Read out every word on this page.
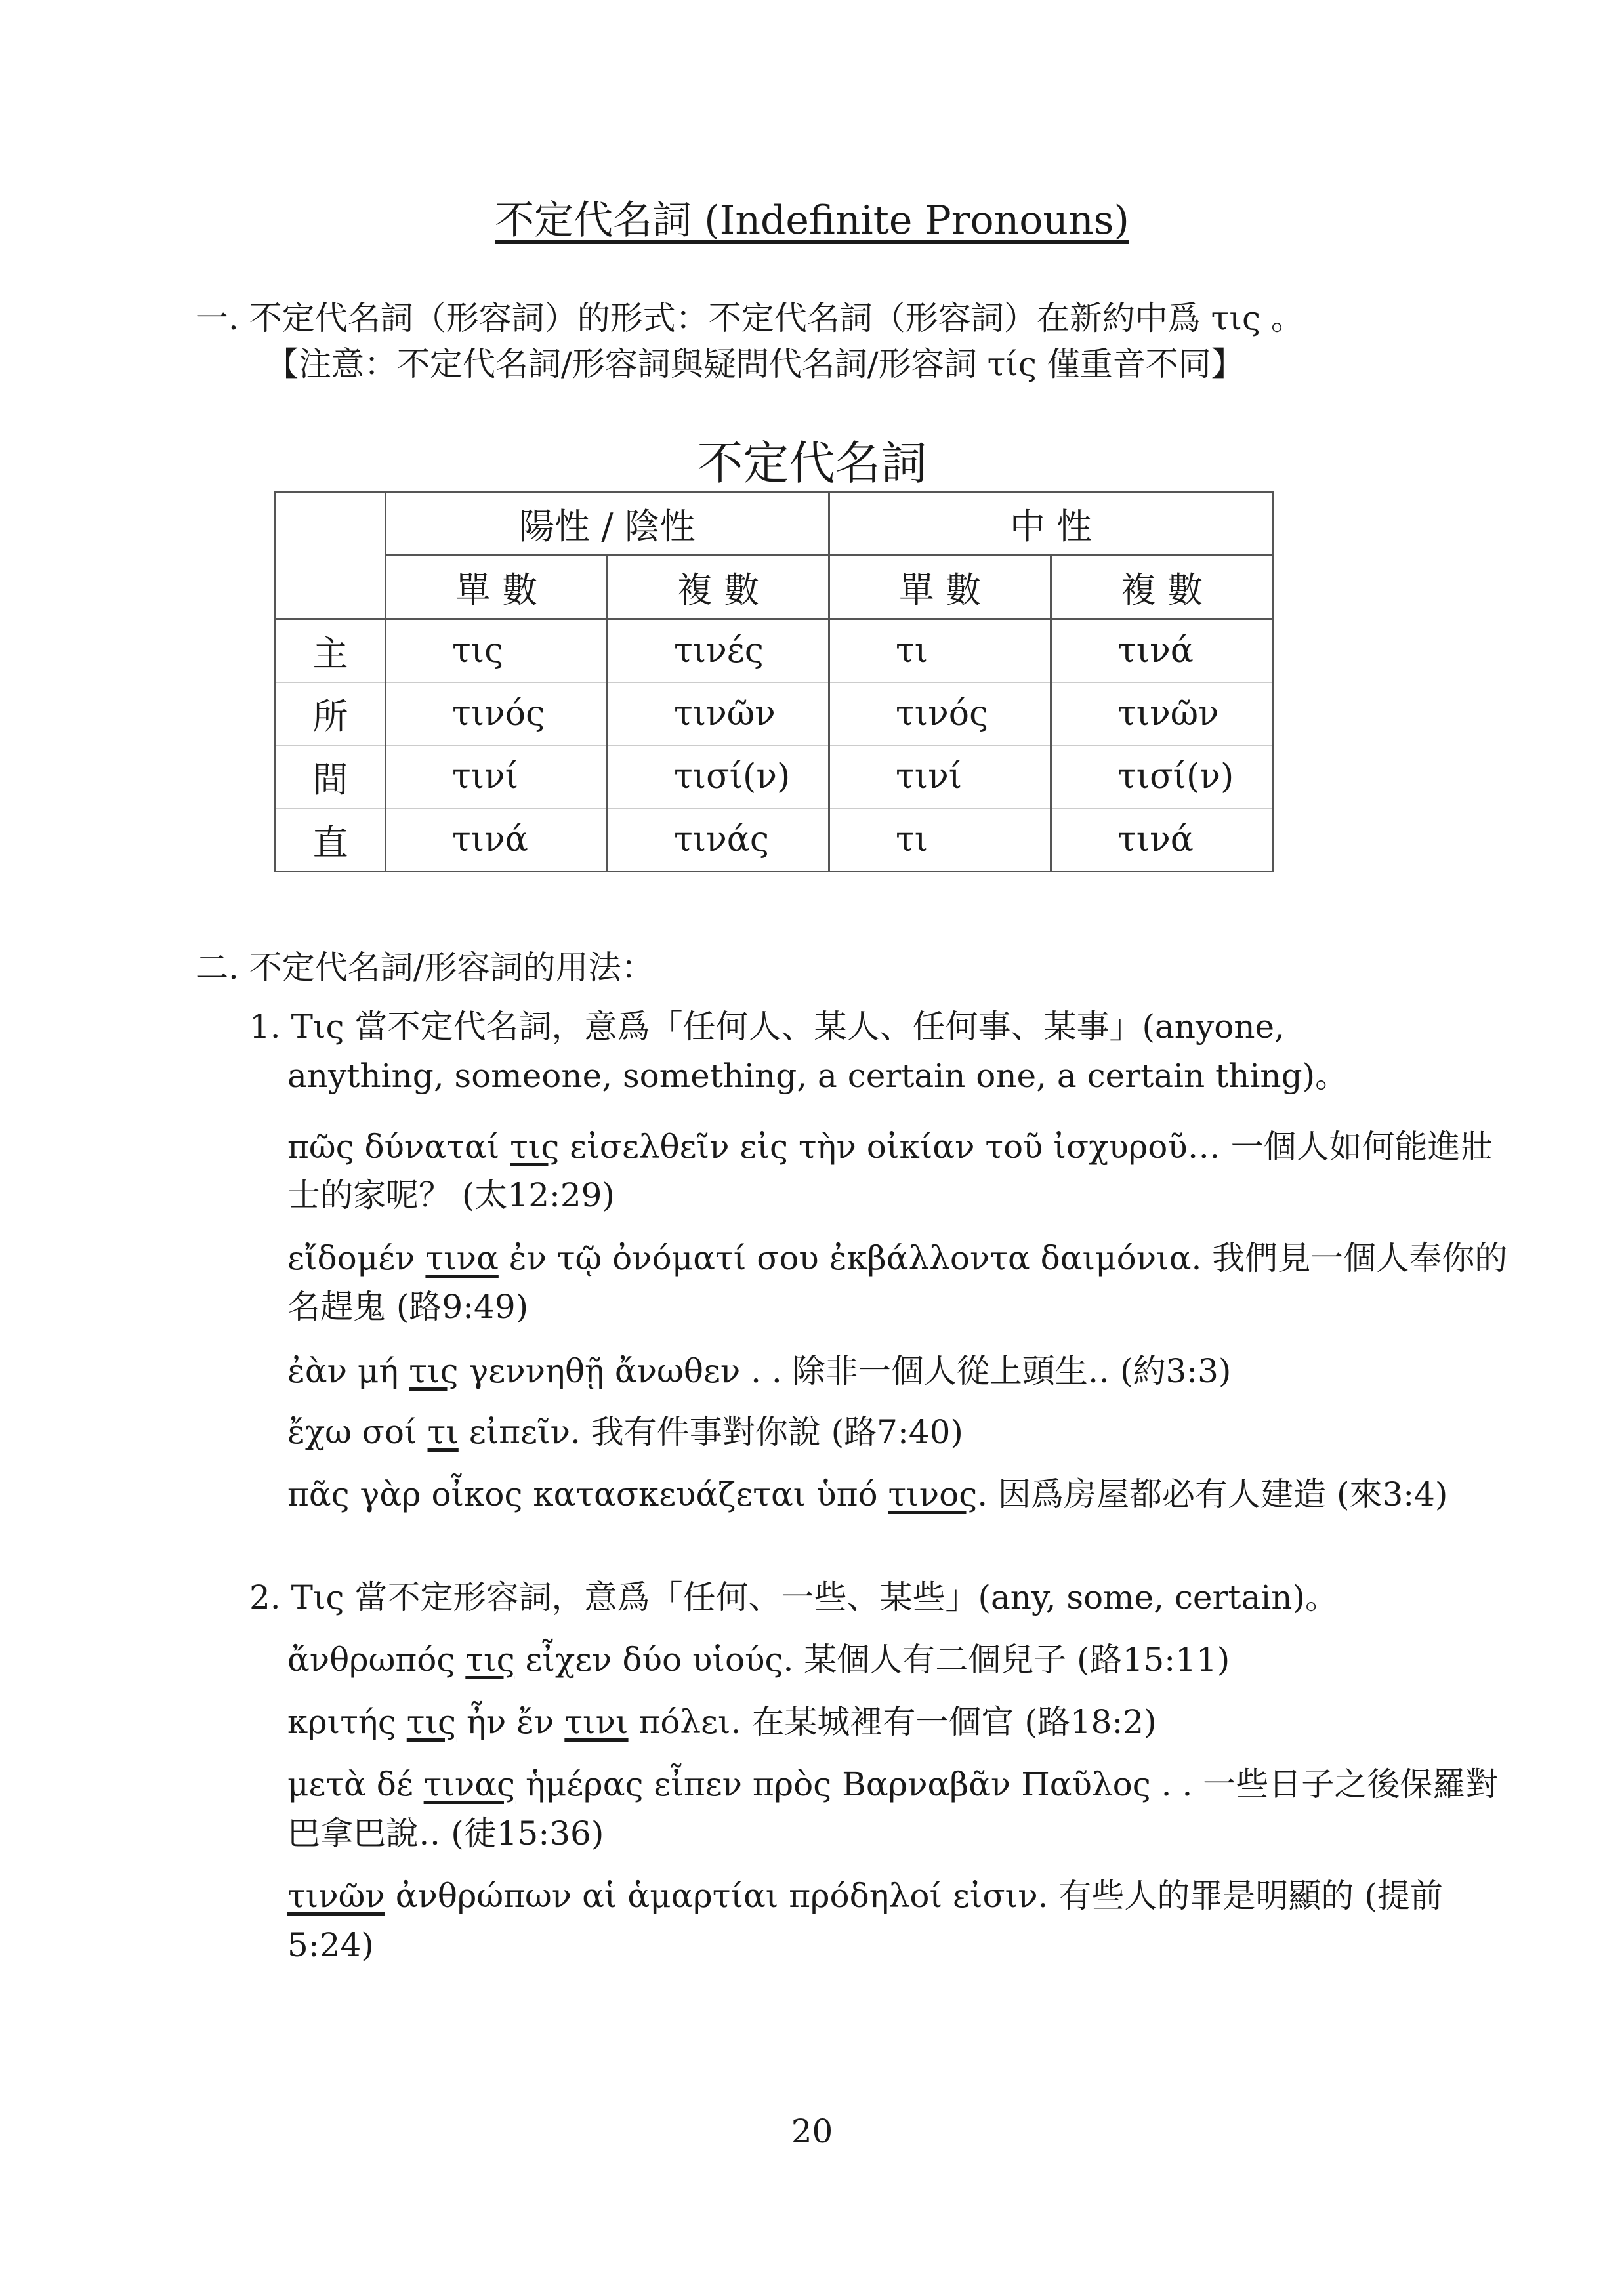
不定代名詞 (Indefinite Pronouns)
一. 不定代名詞（形容詞）的形式：不定代名詞（形容詞）在新約中爲 τις 。
【注意：不定代名詞/形容詞與疑問代名詞/形容詞 τίς 僅重音不同】
不定代名詞
	陽性 / 陰性		中 性	
	單 數	複 數	單 數	複 數
主	τις	τινές	τι	τινά
所	τινός	τινῶν	τινός	τινῶν
間	τινί	τισί(ν)	τινί	τισί(ν)
直	τινά	τινάς	τι	τινά
二. 不定代名詞/形容詞的用法：
1. Τις 當不定代名詞，意爲「任何人、某人、任何事、某事」(anyone,
anything, someone, something, a certain one, a certain thing)。
πῶς δύναταί τις εἰσελθεῖν εἰς τὴν οἰκίαν τοῦ ἰσχυροῦ… 一個人如何能進壯
士的家呢？ (太12:29)
εἴδομέν τινα ἐν τῷ ὀνόματί σου ἐκβάλλοντα δαιμόνια. 我們見一個人奉你的
名趕鬼 (路9:49)
ἐὰν μή τις γεννηθῇ ἄνωθεν . . 除非一個人從上頭生‥ (約3:3)
ἔχω σοί τι εἰπεῖν. 我有件事對你說 (路7:40)
πᾶς γὰρ οἶκος κατασκευάζεται ὑπό τινος. 因爲房屋都必有人建造 (來3:4)
2. Τις 當不定形容詞，意爲「任何、一些、某些」(any, some, certain)。
ἄνθρωπός τις εἶχεν δύο υἱούς. 某個人有二個兒子 (路15:11)
κριτής τις ἦν ἔν τινι πόλει. 在某城裡有一個官 (路18:2)
μετὰ δέ τινας ἡμέρας εἶπεν πρὸς Βαρναβᾶν Παῦλος . . 一些日子之後保羅對
巴拿巴說‥ (徒15:36)
τινῶν ἀνθρώπων αἱ ἁμαρτίαι πρόδηλοί εἰσιν. 有些人的罪是明顯的 (提前
5:24)
20
